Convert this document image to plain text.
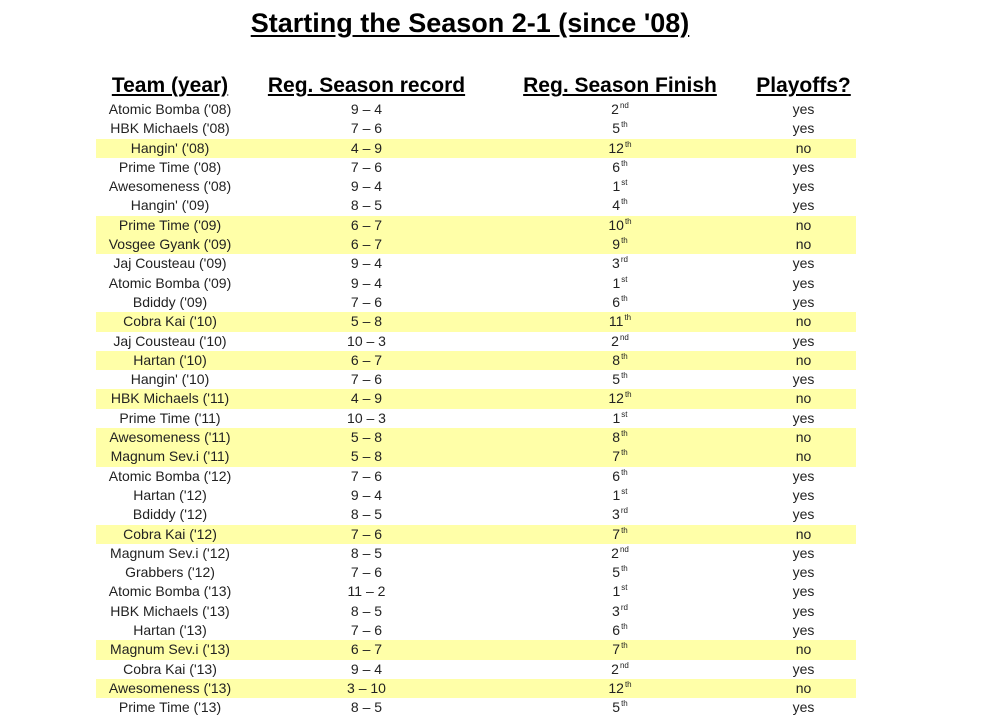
Starting the Season 2-1 (since '08)
Team (year)	Reg. Season record	Reg. Season Finish	Playoffs?
Atomic Bomba ('08)	9 – 4	2nd	yes
HBK Michaels ('08)	7 – 6	5th	yes
Hangin' ('08)	4 – 9	12th	no
Prime Time ('08)	7 – 6	6th	yes
Awesomeness ('08)	9 – 4	1st	yes
Hangin' ('09)	8 – 5	4th	yes
Prime Time ('09)	6 – 7	10th	no
Vosgee Gyank ('09)	6 – 7	9th	no
Jaj Cousteau ('09)	9 – 4	3rd	yes
Atomic Bomba ('09)	9 – 4	1st	yes
Bdiddy ('09)	7 – 6	6th	yes
Cobra Kai ('10)	5 – 8	11th	no
Jaj Cousteau ('10)	10 – 3	2nd	yes
Hartan ('10)	6 – 7	8th	no
Hangin' ('10)	7 – 6	5th	yes
HBK Michaels ('11)	4 – 9	12th	no
Prime Time ('11)	10 – 3	1st	yes
Awesomeness ('11)	5 – 8	8th	no
Magnum Sev.i ('11)	5 – 8	7th	no
Atomic Bomba ('12)	7 – 6	6th	yes
Hartan ('12)	9 – 4	1st	yes
Bdiddy ('12)	8 – 5	3rd	yes
Cobra Kai ('12)	7 – 6	7th	no
Magnum Sev.i ('12)	8 – 5	2nd	yes
Grabbers ('12)	7 – 6	5th	yes
Atomic Bomba ('13)	11 – 2	1st	yes
HBK Michaels ('13)	8 – 5	3rd	yes
Hartan ('13)	7 – 6	6th	yes
Magnum Sev.i ('13)	6 – 7	7th	no
Cobra Kai ('13)	9 – 4	2nd	yes
Awesomeness ('13)	3 – 10	12th	no
Prime Time ('13)	8 – 5	5th	yes
